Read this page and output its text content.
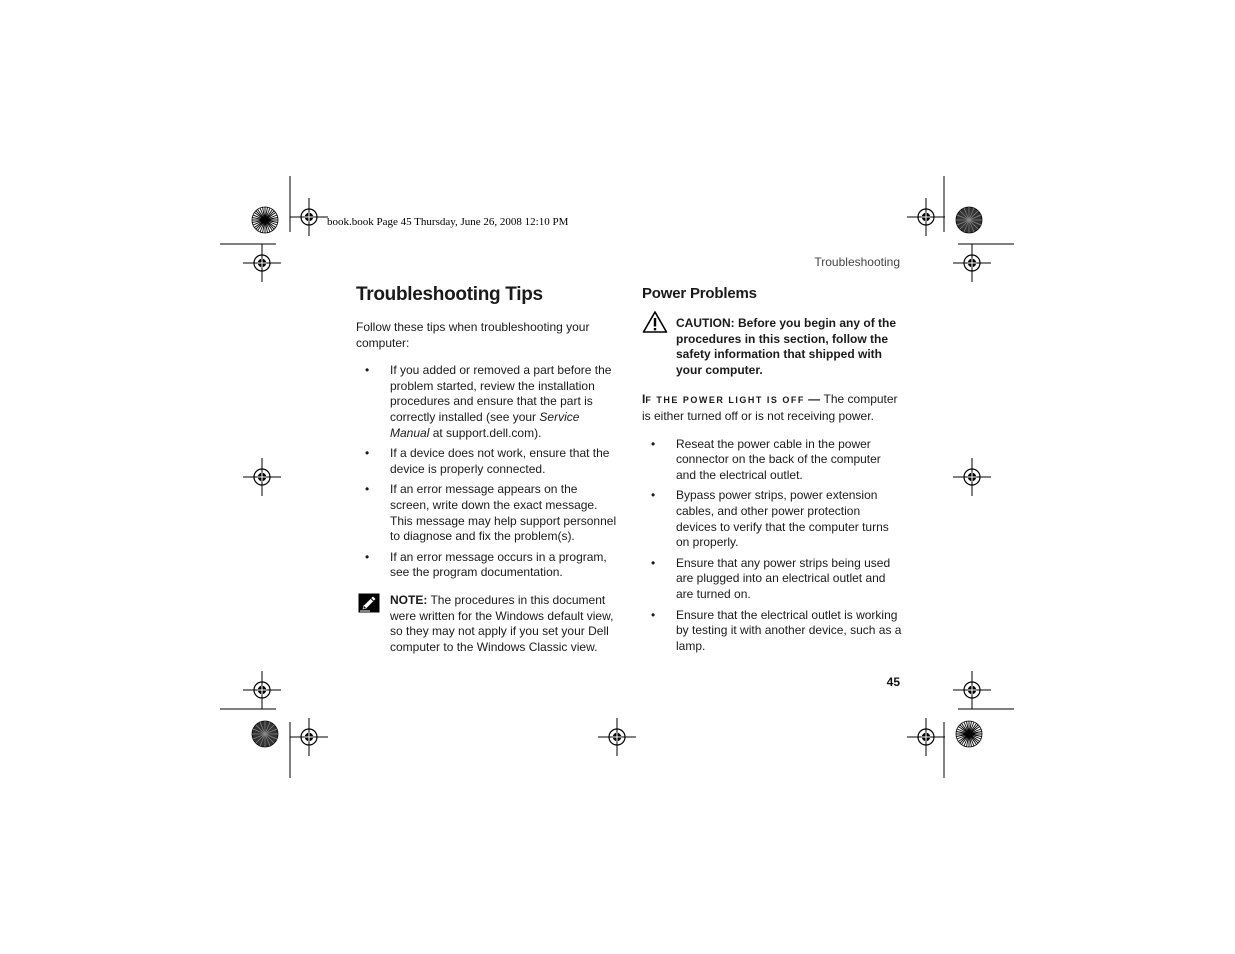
book.book Page 45 Thursday, June 26, 2008 12:10 PM
Troubleshooting
45
Troubleshooting Tips

Follow these tips when troubleshooting your computer:

• If you added or removed a part before the problem started, review the installation procedures and ensure that the part is correctly installed (see your Service Manual at support.dell.com).
• If a device does not work, ensure that the device is properly connected.
• If an error message appears on the screen, write down the exact message. This message may help support personnel to diagnose and fix the problem(s).
• If an error message occurs in a program, see the program documentation.
NOTE: The procedures in this document were written for the Windows default view, so they may not apply if you set your Dell computer to the Windows Classic view.
Power Problems
CAUTION: Before you begin any of the procedures in this section, follow the safety information that shipped with your computer.

IF THE POWER LIGHT IS OFF — The computer is either turned off or is not receiving power.

• Reseat the power cable in the power connector on the back of the computer and the electrical outlet.
• Bypass power strips, power extension cables, and other power protection devices to verify that the computer turns on properly.
• Ensure that any power strips being used are plugged into an electrical outlet and are turned on.
• Ensure that the electrical outlet is working by testing it with another device, such as a lamp.
